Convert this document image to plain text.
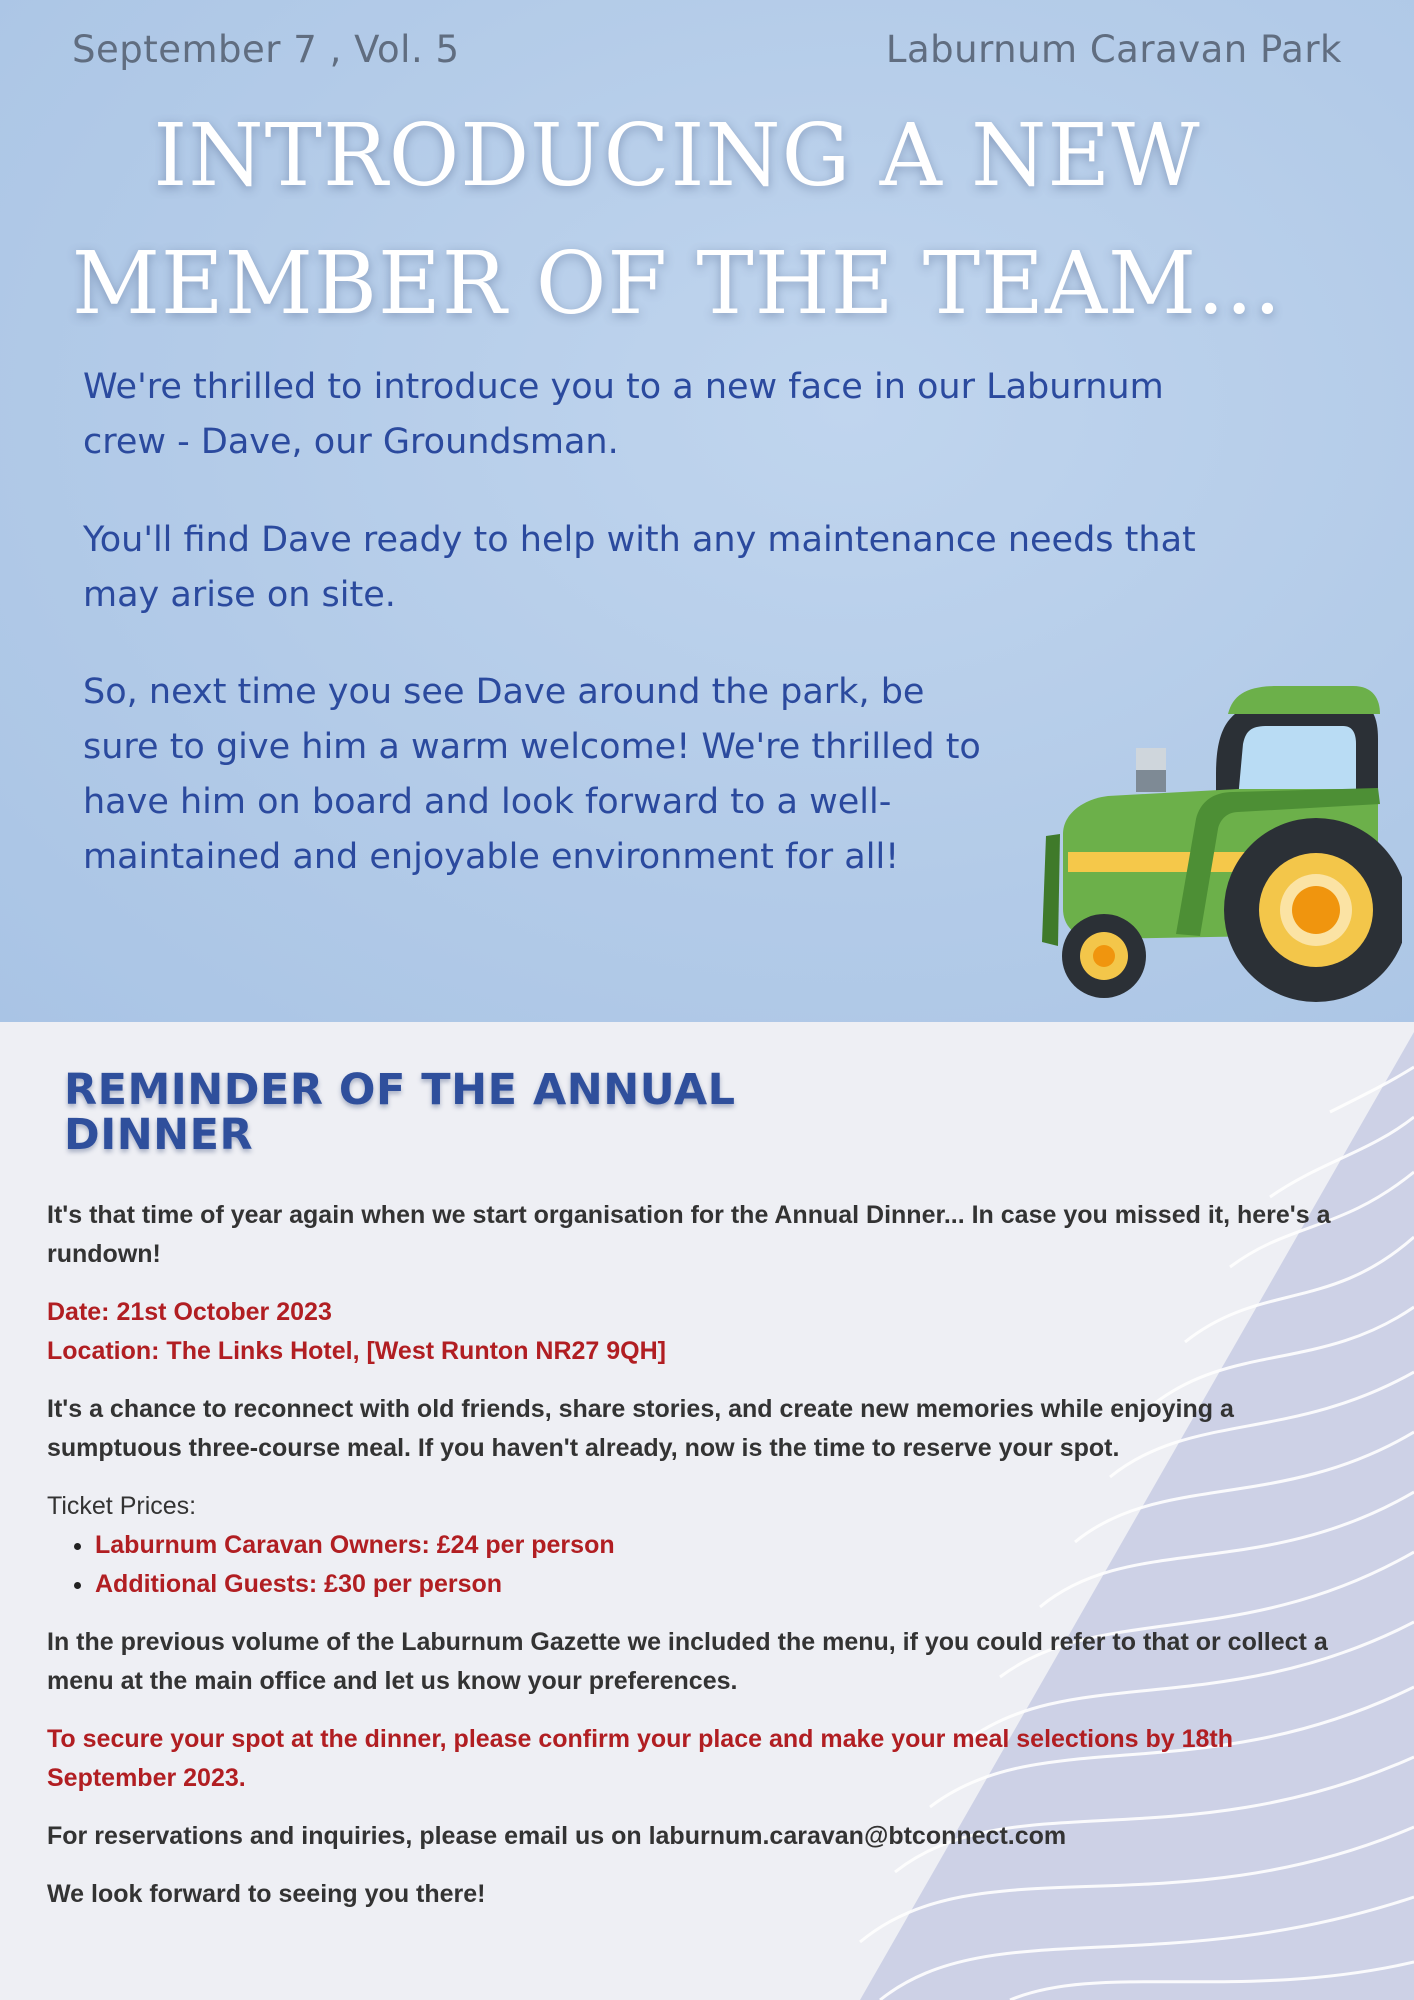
September 7 , Vol. 5	Laburnum Caravan Park
INTRODUCING A NEW
MEMBER OF THE TEAM...

We're thrilled to introduce you to a new face in our Laburnum crew - Dave, our Groundsman.

You'll find Dave ready to help with any maintenance needs that may arise on site.

So, next time you see Dave around the park, be sure to give him a warm welcome! We're thrilled to have him on board and look forward to a well-maintained and enjoyable environment for all!

REMINDER OF THE ANNUAL DINNER

It's that time of year again when we start organisation for the Annual Dinner... In case you missed it, here's a rundown!

Date: 21st October 2023
Location: The Links Hotel, [West Runton NR27 9QH]

It's a chance to reconnect with old friends, share stories, and create new memories while enjoying a sumptuous three-course meal. If you haven't already, now is the time to reserve your spot.

Ticket Prices:

• Laburnum Caravan Owners: £24 per person
• Additional Guests: £30 per person

In the previous volume of the Laburnum Gazette we included the menu, if you could refer to that or collect a menu at the main office and let us know your preferences.

To secure your spot at the dinner, please confirm your place and make your meal selections by 18th September 2023.

For reservations and inquiries, please email us on laburnum.caravan@btconnect.com

We look forward to seeing you there!
